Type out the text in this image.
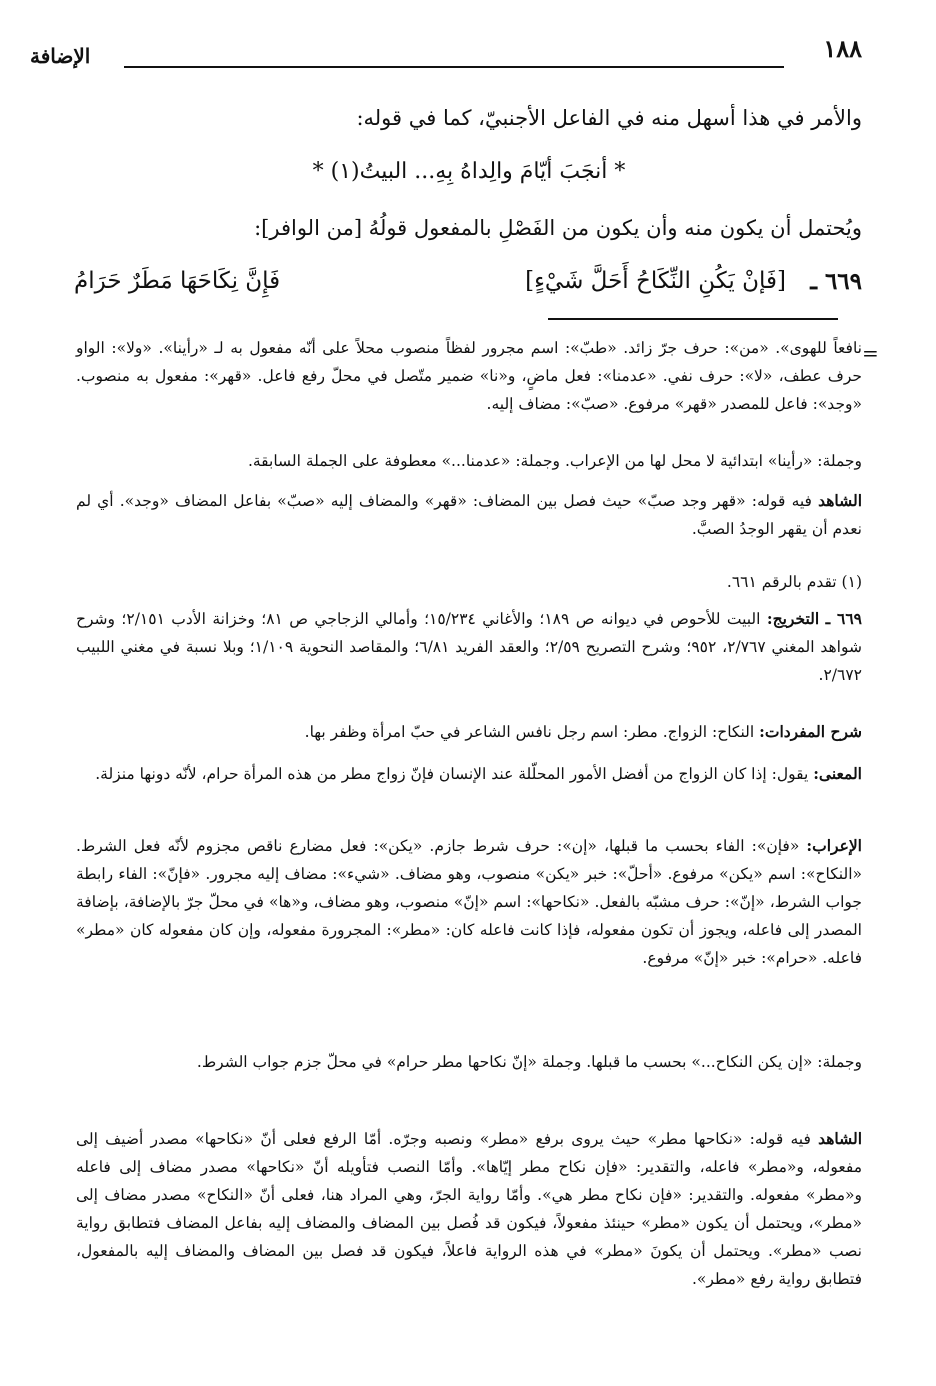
١٨٨
الإضافة
والأمر في هذا أسهل منه في الفاعل الأجنبيّ، كما في قوله:
* أنجَبَ أيّامَ والِداهُ بِهِ... البيتُ(١) *
ويُحتمل أن يكون منه وأن يكون من الفَصْلِ بالمفعول قولُهُ [من الوافر]:
٦٦٩ ـ
[فَإنْ يَكُنِ النِّكَاحُ أَحَلَّ شَيْءٍ]
فَإِنَّ نِكَاحَهَا مَطَرٌ حَرَامُ
=
نافعاً للهوى». «من»: حرف جرّ زائد. «طبّ»: اسم مجرور لفظاً منصوب محلاً على أنّه مفعول به لـ «رأينا». «ولا»: الواو حرف عطف، «لا»: حرف نفي. «عدمنا»: فعل ماضٍ، و«نا» ضمير متّصل في محلّ رفع فاعل. «قهر»: مفعول به منصوب. «وجد»: فاعل للمصدر «قهر» مرفوع. «صبّ»: مضاف إليه.
وجملة: «رأينا» ابتدائية لا محل لها من الإعراب. وجملة: «عدمنا...» معطوفة على الجملة السابقة.
الشاهد فيه قوله: «قهر وجد صبّ» حيث فصل بين المضاف: «قهر» والمضاف إليه «صبّ» بفاعل المضاف «وجد». أي لم نعدم أن يقهر الوجدُ الصبَّ.
(١) تقدم بالرقم ٦٦١.
٦٦٩ ـ التخريج: البيت للأحوص في ديوانه ص ١٨٩؛ والأغاني ١٥/٢٣٤؛ وأمالي الزجاجي ص ٨١؛ وخزانة الأدب ٢/١٥١؛ وشرح شواهد المغني ٢/٧٦٧، ٩٥٢؛ وشرح التصريح ٢/٥٩؛ والعقد الفريد ٦/٨١؛ والمقاصد النحوية ١/١٠٩؛ وبلا نسبة في مغني اللبيب ٢/٦٧٢.
شرح المفردات: النكاح: الزواج. مطر: اسم رجل نافس الشاعر في حبّ امرأة وظفر بها.
المعنى: يقول: إذا كان الزواج من أفضل الأمور المحلّلة عند الإنسان فإنّ زواج مطر من هذه المرأة حرام، لأنّه دونها منزلة.
الإعراب: «فإن»: الفاء بحسب ما قبلها، «إن»: حرف شرط جازم. «يكن»: فعل مضارع ناقص مجزوم لأنّه فعل الشرط. «النكاح»: اسم «يكن» مرفوع. «أحلّ»: خبر «يكن» منصوب، وهو مضاف. «شيء»: مضاف إليه مجرور. «فإنّ»: الفاء رابطة جواب الشرط، «إنّ»: حرف مشبّه بالفعل. «نكاحها»: اسم «إنّ» منصوب، وهو مضاف، و«ها» في محلّ جرّ بالإضافة، بإضافة المصدر إلى فاعله، ويجوز أن تكون مفعوله، فإذا كانت فاعله كان: «مطر»: المجرورة مفعوله، وإن كان مفعوله كان «مطر» فاعله. «حرام»: خبر «إنّ» مرفوع.
وجملة: «إن يكن النكاح...» بحسب ما قبلها. وجملة «إنّ نكاحها مطر حرام» في محلّ جزم جواب الشرط.
الشاهد فيه قوله: «نكاحها مطر» حيث يروى برفع «مطر» ونصبه وجرّه. أمّا الرفع فعلى أنّ «نكاحها» مصدر أضيف إلى مفعوله، و«مطر» فاعله، والتقدير: «فإن نكاح مطر إيّاها». وأمّا النصب فتأويله أنّ «نكاحها» مصدر مضاف إلى فاعله و«مطر» مفعوله. والتقدير: «فإن نكاح مطر هي». وأمّا رواية الجرّ، وهي المراد هنا، فعلى أنّ «النكاح» مصدر مضاف إلى «مطر»، ويحتمل أن يكون «مطر» حينئذ مفعولاً، فيكون قد فُصل بين المضاف والمضاف إليه بفاعل المضاف فتطابق رواية نصب «مطر». ويحتمل أن يكونَ «مطر» في هذه الرواية فاعلاً، فيكون قد فصل بين المضاف والمضاف إليه بالمفعول، فتطابق رواية رفع «مطر».
